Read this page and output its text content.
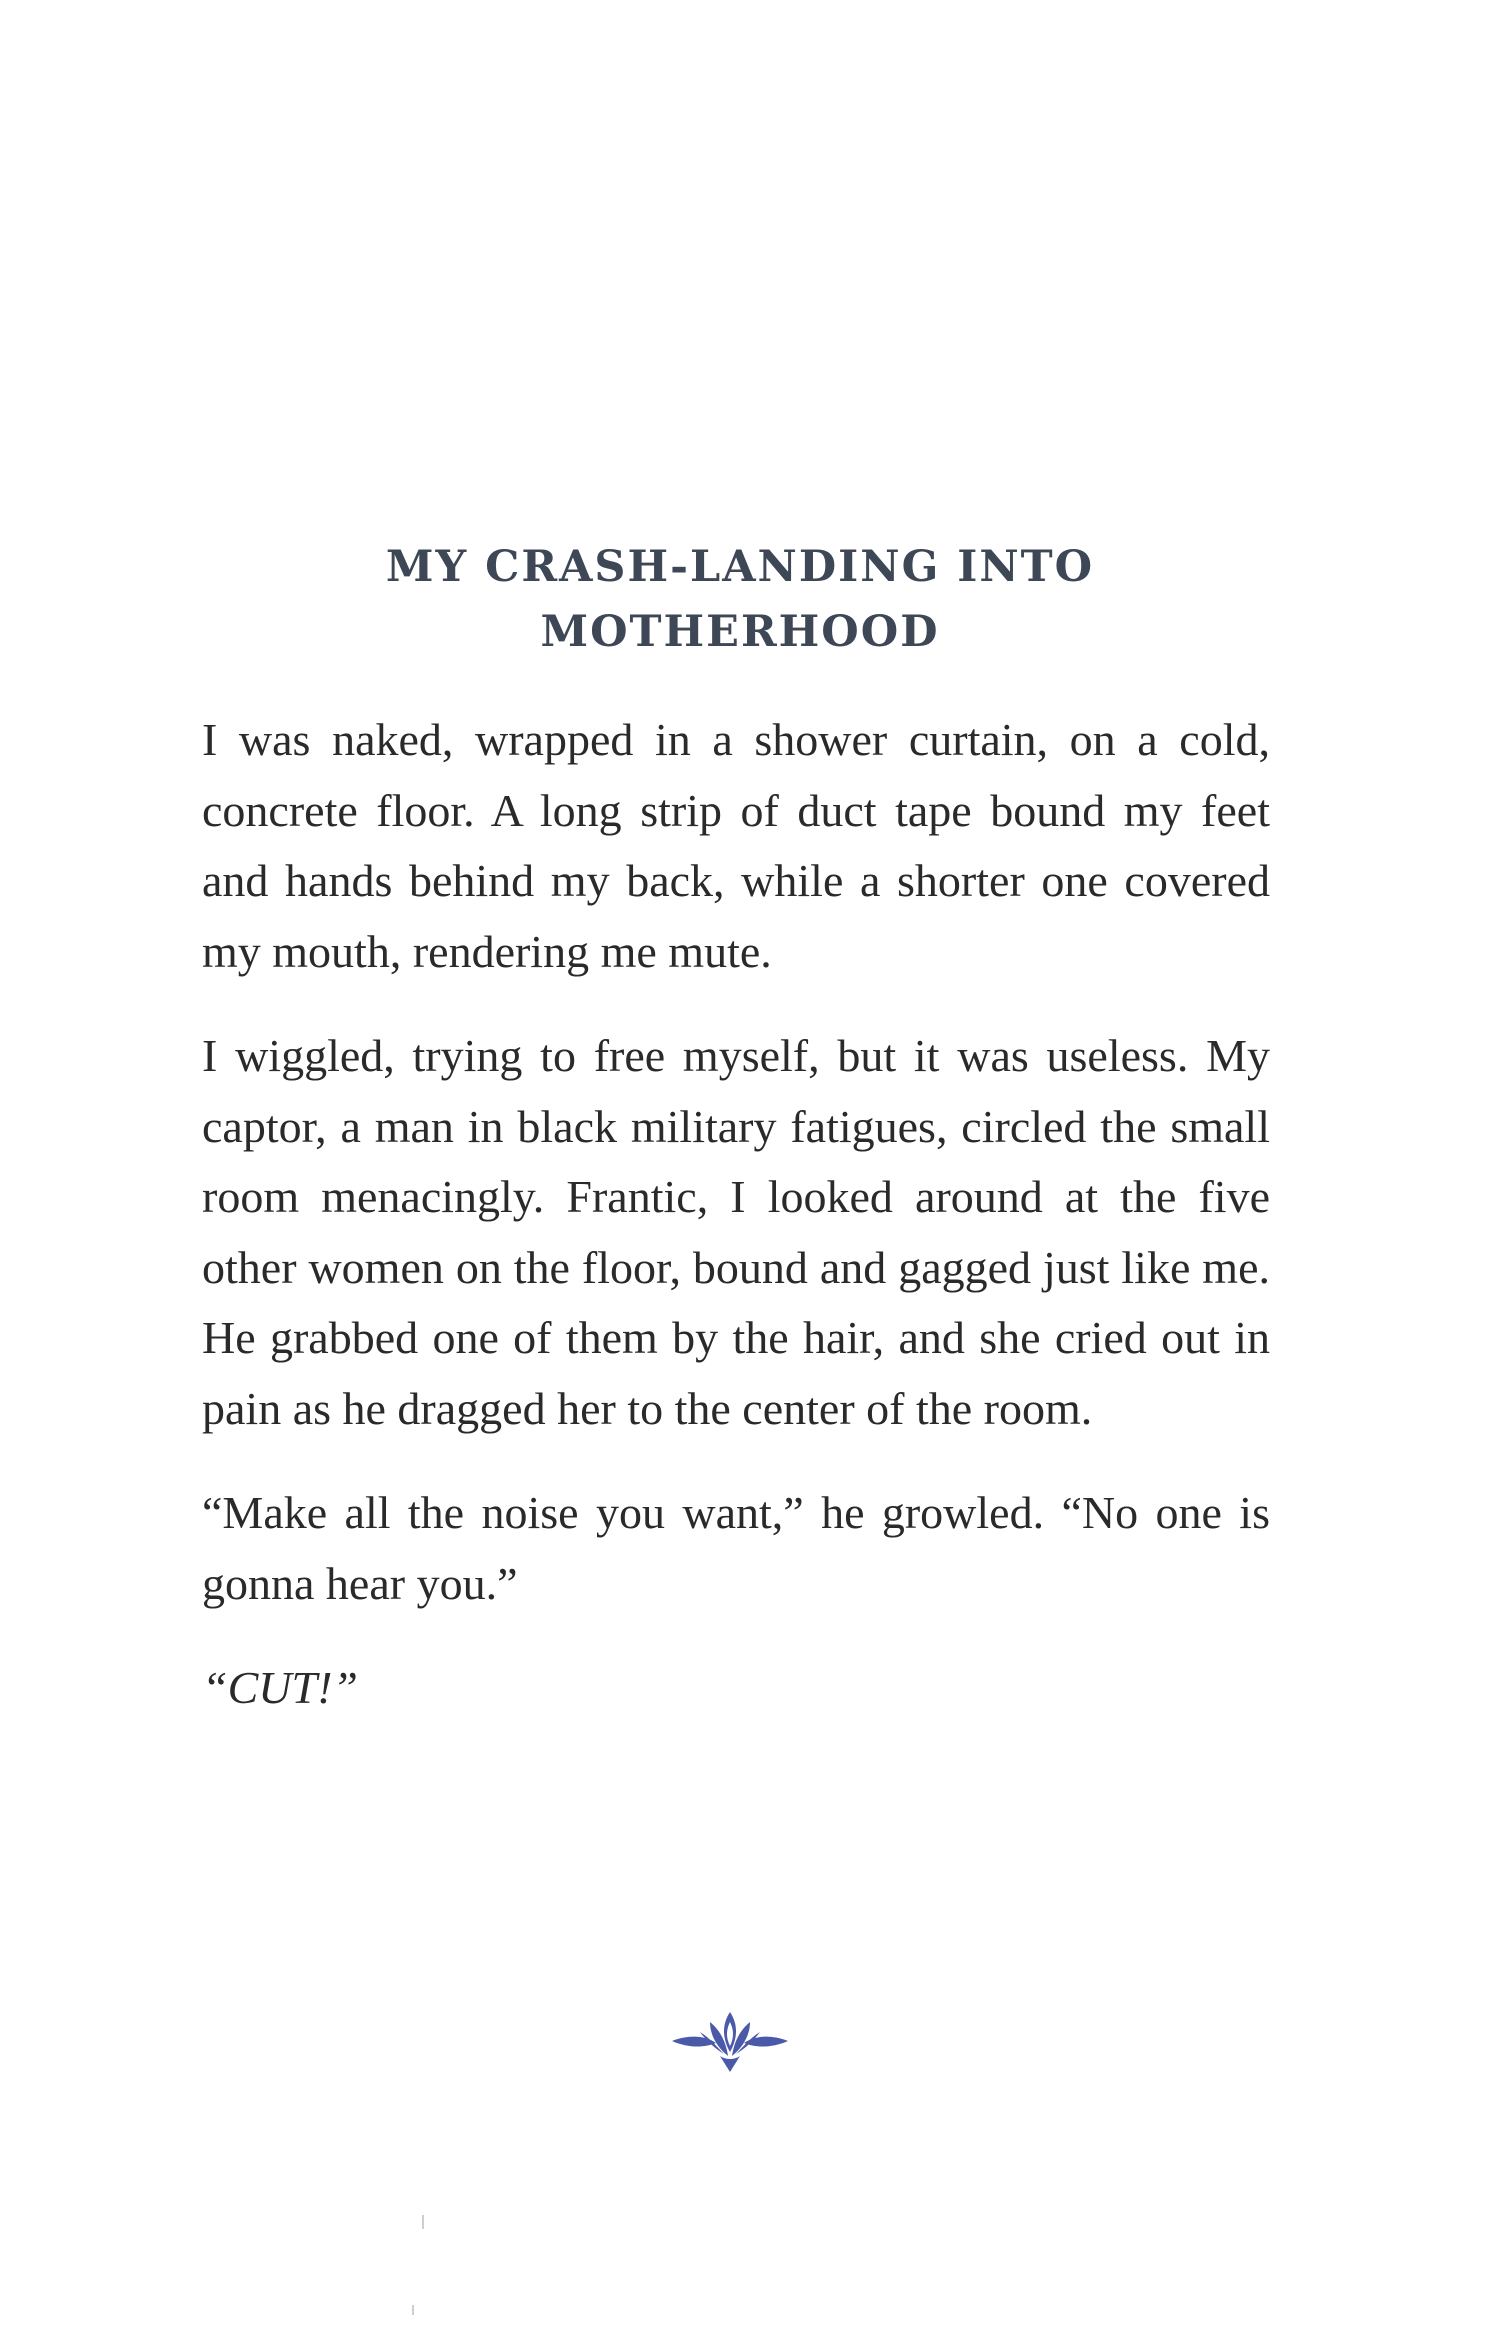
MY CRASH-LANDING INTO
MOTHERHOOD

I was naked, wrapped in a shower curtain, on a cold, concrete floor. A long strip of duct tape bound my feet and hands behind my back, while a shorter one covered my mouth, rendering me mute.

I wiggled, trying to free myself, but it was useless. My captor, a man in black military fatigues, circled the small room menacingly. Frantic, I looked around at the five other women on the floor, bound and gagged just like me. He grabbed one of them by the hair, and she cried out in pain as he dragged her to the center of the room.

“Make all the noise you want,” he growled. “No one is gonna hear you.”

“CUT!”
